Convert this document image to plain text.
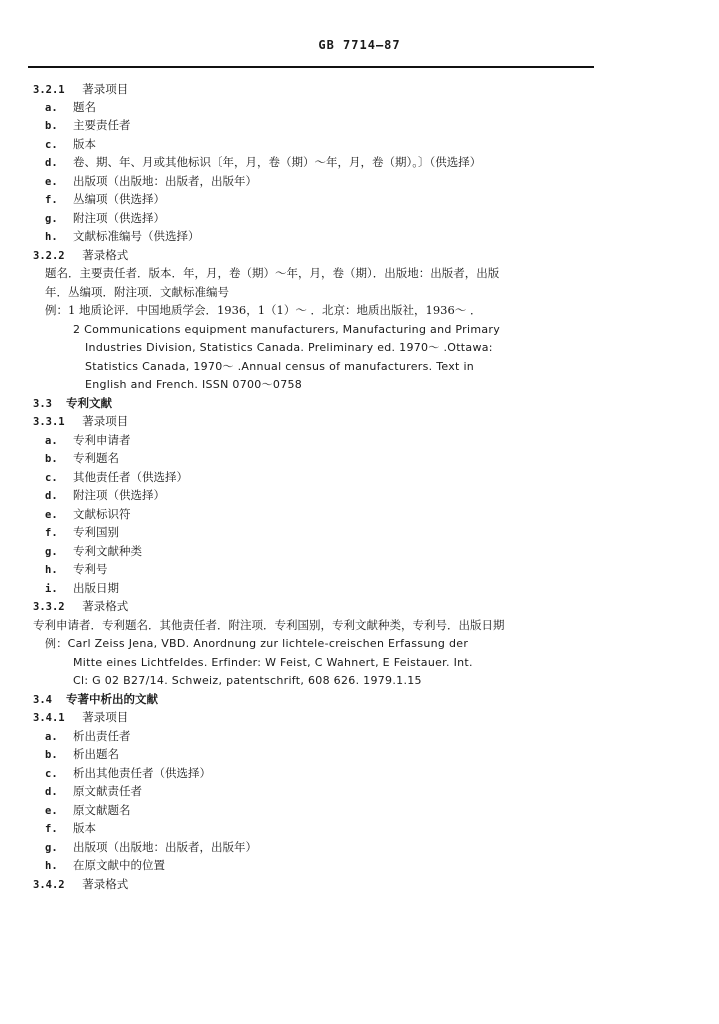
GB 7714—87
3.2.1 著录项目
a. 题名
b. 主要责任者
c. 版本
d. 卷、期、年、月或其他标识〔年，月，卷（期）～年，月，卷（期）。〕（供选择）
e. 出版项（出版地：出版者，出版年）
f. 丛编项（供选择）
g. 附注项（供选择）
h. 文献标准编号（供选择）
3.2.2 著录格式
题名．主要责任者．版本．年，月，卷（期）～年，月，卷（期）．出版地：出版者，出版
年．丛编项．附注项．文献标准编号
例：1 地质论评．中国地质学会．1936，1（1）～ ．北京：地质出版社，1936～ ．
2 Communications equipment manufacturers, Manufacturing and Primary
Industries Division, Statistics Canada. Preliminary ed. 1970～ .Ottawa:
Statistics Canada, 1970～ .Annual census of manufacturers. Text in
English and French. ISSN 0700～0758
3.3 专利文献
3.3.1 著录项目
a. 专利申请者
b. 专利题名
c. 其他责任者（供选择）
d. 附注项（供选择）
e. 文献标识符
f. 专利国别
g. 专利文献种类
h. 专利号
i. 出版日期
3.3.2 著录格式
专利申请者．专利题名．其他责任者．附注项．专利国别，专利文献种类，专利号．出版日期
例：Carl Zeiss Jena, VBD. Anordnung zur lichtele-creischen Erfassung der
Mitte eines Lichtfeldes. Erfinder: W Feist, C Wahnert, E Feistauer. Int.
Cl: G 02 B27/14. Schweiz, patentschrift, 608 626. 1979.1.15
3.4 专著中析出的文献
3.4.1 著录项目
a. 析出责任者
b. 析出题名
c. 析出其他责任者（供选择）
d. 原文献责任者
e. 原文献题名
f. 版本
g. 出版项（出版地：出版者，出版年）
h. 在原文献中的位置
3.4.2 著录格式
